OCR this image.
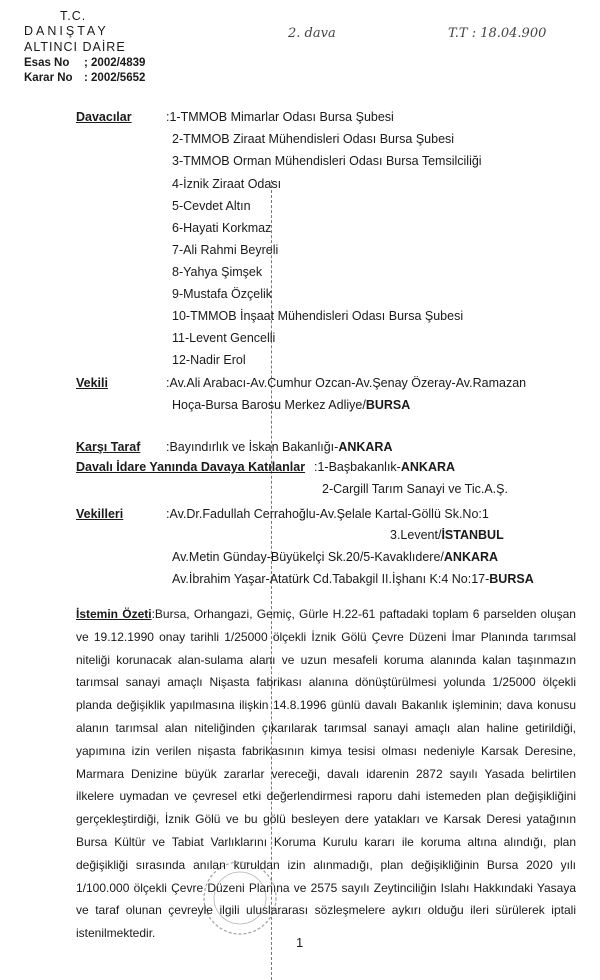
T.C.
DANIŞTAY
ALTINCI DAİRE
Esas No ; 2002/4839
Karar No : 2002/5652
2. dava	T.T : 18.04.900
Davacılar	:1-TMMOB Mimarlar Odası Bursa Şubesi
2-TMMOB Ziraat Mühendisleri Odası Bursa Şubesi
3-TMMOB Orman Mühendisleri Odası Bursa Temsilciliği
4-İznik Ziraat Odası
5-Cevdet Altın
6-Hayati Korkmaz
7-Ali Rahmi Beyreli
8-Yahya Şimşek
9-Mustafa Özçelik
10-TMMOB İnşaat Mühendisleri Odası Bursa Şubesi
11-Levent Gencelli
12-Nadir Erol
Vekili	:Av.Ali Arabacı-Av.Cumhur Ozcan-Av.Şenay Özeray-Av.Ramazan
Hoça-Bursa Barosu Merkez Adliye/BURSA
Karşı Taraf :Bayındırlık ve İskan Bakanlığı-ANKARA
Davalı İdare Yanında Davaya Katılanlar :1-Başbakanlık-ANKARA
2-Cargill Tarım Sanayi ve Tic.A.Ş.
Vekilleri	:Av.Dr.Fadullah Cerrahoğlu-Av.Şelale Kartal-Göllü Sk.No:1
3.Levent/İSTANBUL
Av.Metin Günday-Büyükelçi Sk.20/5-Kavaklıdere/ANKARA
Av.İbrahim Yaşar-Atatürk Cd.Tabakgil II.İşhanı K:4 No:17-BURSA

İstemin Özeti:Bursa, Orhangazi, Gemiç, Gürle H.22-61 paftadaki toplam 6 parselden oluşan ve 19.12.1990 onay tarihli 1/25000 ölçekli İznik Gölü Çevre Düzeni İmar Planında tarımsal niteliği korunacak alan-sulama alanı ve uzun mesafeli koruma alanında kalan taşınmazın tarımsal sanayi amaçlı Nişasta fabrikası alanına dönüştürülmesi yolunda 1/25000 ölçekli planda değişiklik yapılmasına ilişkin 14.8.1996 günlü davalı Bakanlık işleminin; dava konusu alanın tarımsal alan niteliğinden çıkarılarak tarımsal sanayi amaçlı alan haline getirildiği, yapımına izin verilen nişasta fabrikasının kimya tesisi olması nedeniyle Karsak Deresine, Marmara Denizine büyük zararlar vereceği, davalı idarenin 2872 sayılı Yasada belirtilen ilkelere uymadan ve çevresel etki değerlendirmesi raporu dahi istemeden plan değişikliğini gerçekleştirdiği, İznik Gölü ve bu gölü besleyen dere yatakları ve Karsak Deresi yatağının Bursa Kültür ve Tabiat Varlıklarını Koruma Kurulu kararı ile koruma altına alındığı, plan değişikliği sırasında anılan kuruldan izin alınmadığı, plan değişikliğinin Bursa 2020 yılı 1/100.000 ölçekli Çevre Düzeni Planına ve 2575 sayılı Zeytinciliğin Islahı Hakkındaki Yasaya ve taraf olunan çevreyle ilgili uluslararası sözleşmelere aykırı olduğu ileri sürülerek iptali istenilmektedir.

1
